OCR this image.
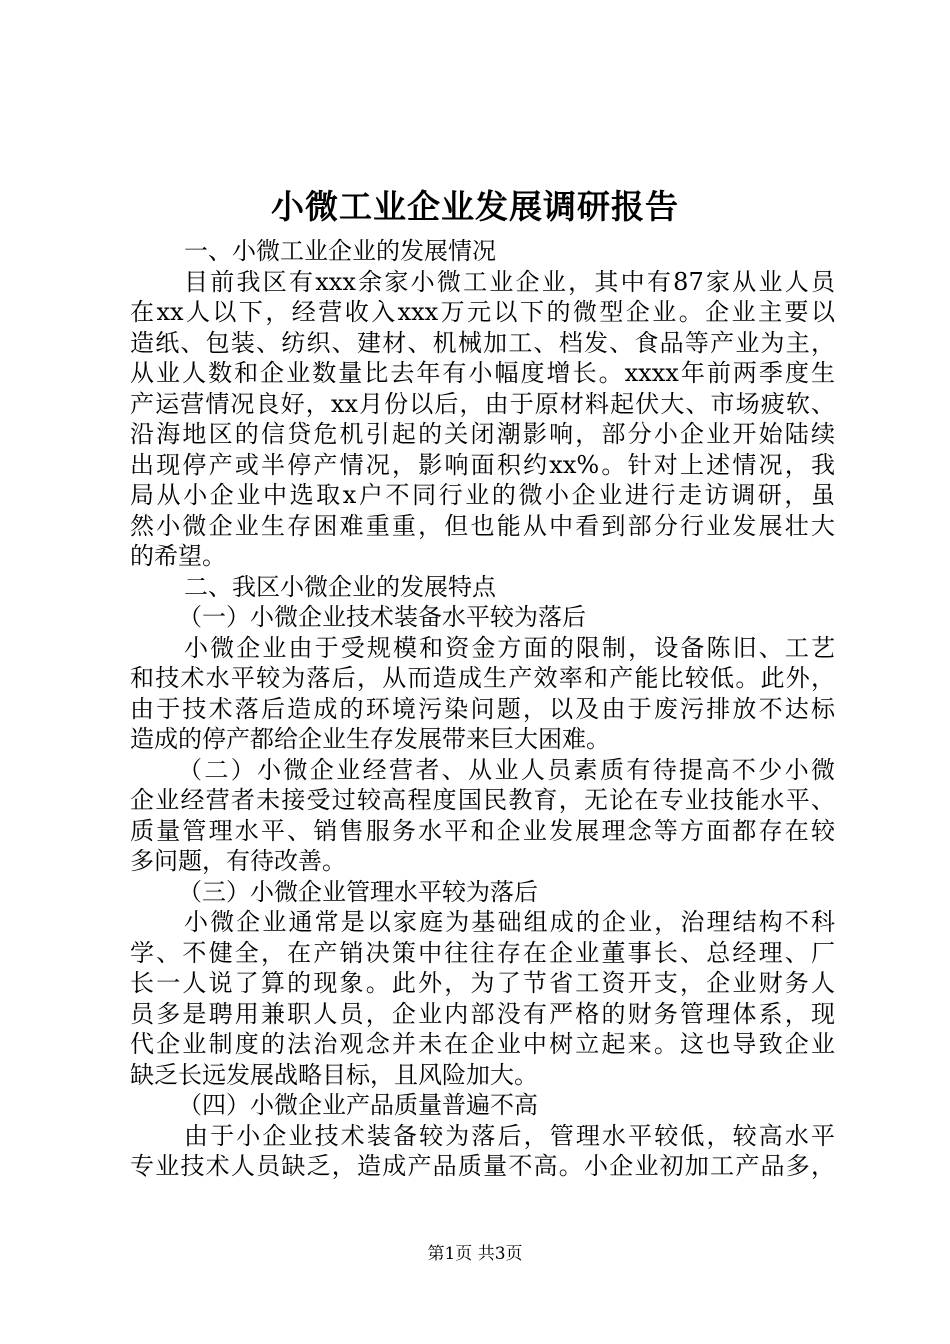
小微工业企业发展调研报告
一、小微工业企业的发展情况
目前我区有xxx余家小微工业企业，其中有87家从业人员
在xx人以下，经营收入xxx万元以下的微型企业。企业主要以
造纸、包装、纺织、建材、机械加工、档发、食品等产业为主，
从业人数和企业数量比去年有小幅度增长。xxxx年前两季度生
产运营情况良好，xx月份以后，由于原材料起伏大、市场疲软、
沿海地区的信贷危机引起的关闭潮影响，部分小企业开始陆续
出现停产或半停产情况，影响面积约xx%。针对上述情况，我
局从小企业中选取x户不同行业的微小企业进行走访调研，虽
然小微企业生存困难重重，但也能从中看到部分行业发展壮大
的希望。
二、我区小微企业的发展特点
（一）小微企业技术装备水平较为落后
小微企业由于受规模和资金方面的限制，设备陈旧、工艺
和技术水平较为落后，从而造成生产效率和产能比较低。此外，
由于技术落后造成的环境污染问题，以及由于废污排放不达标
造成的停产都给企业生存发展带来巨大困难。
（二）小微企业经营者、从业人员素质有待提高不少小微
企业经营者未接受过较高程度国民教育，无论在专业技能水平、
质量管理水平、销售服务水平和企业发展理念等方面都存在较
多问题，有待改善。
（三）小微企业管理水平较为落后
小微企业通常是以家庭为基础组成的企业，治理结构不科
学、不健全，在产销决策中往往存在企业董事长、总经理、厂
长一人说了算的现象。此外，为了节省工资开支，企业财务人
员多是聘用兼职人员，企业内部没有严格的财务管理体系，现
代企业制度的法治观念并未在企业中树立起来。这也导致企业
缺乏长远发展战略目标，且风险加大。
（四）小微企业产品质量普遍不高
由于小企业技术装备较为落后，管理水平较低，较高水平
专业技术人员缺乏，造成产品质量不高。小企业初加工产品多，
第1页 共3页
